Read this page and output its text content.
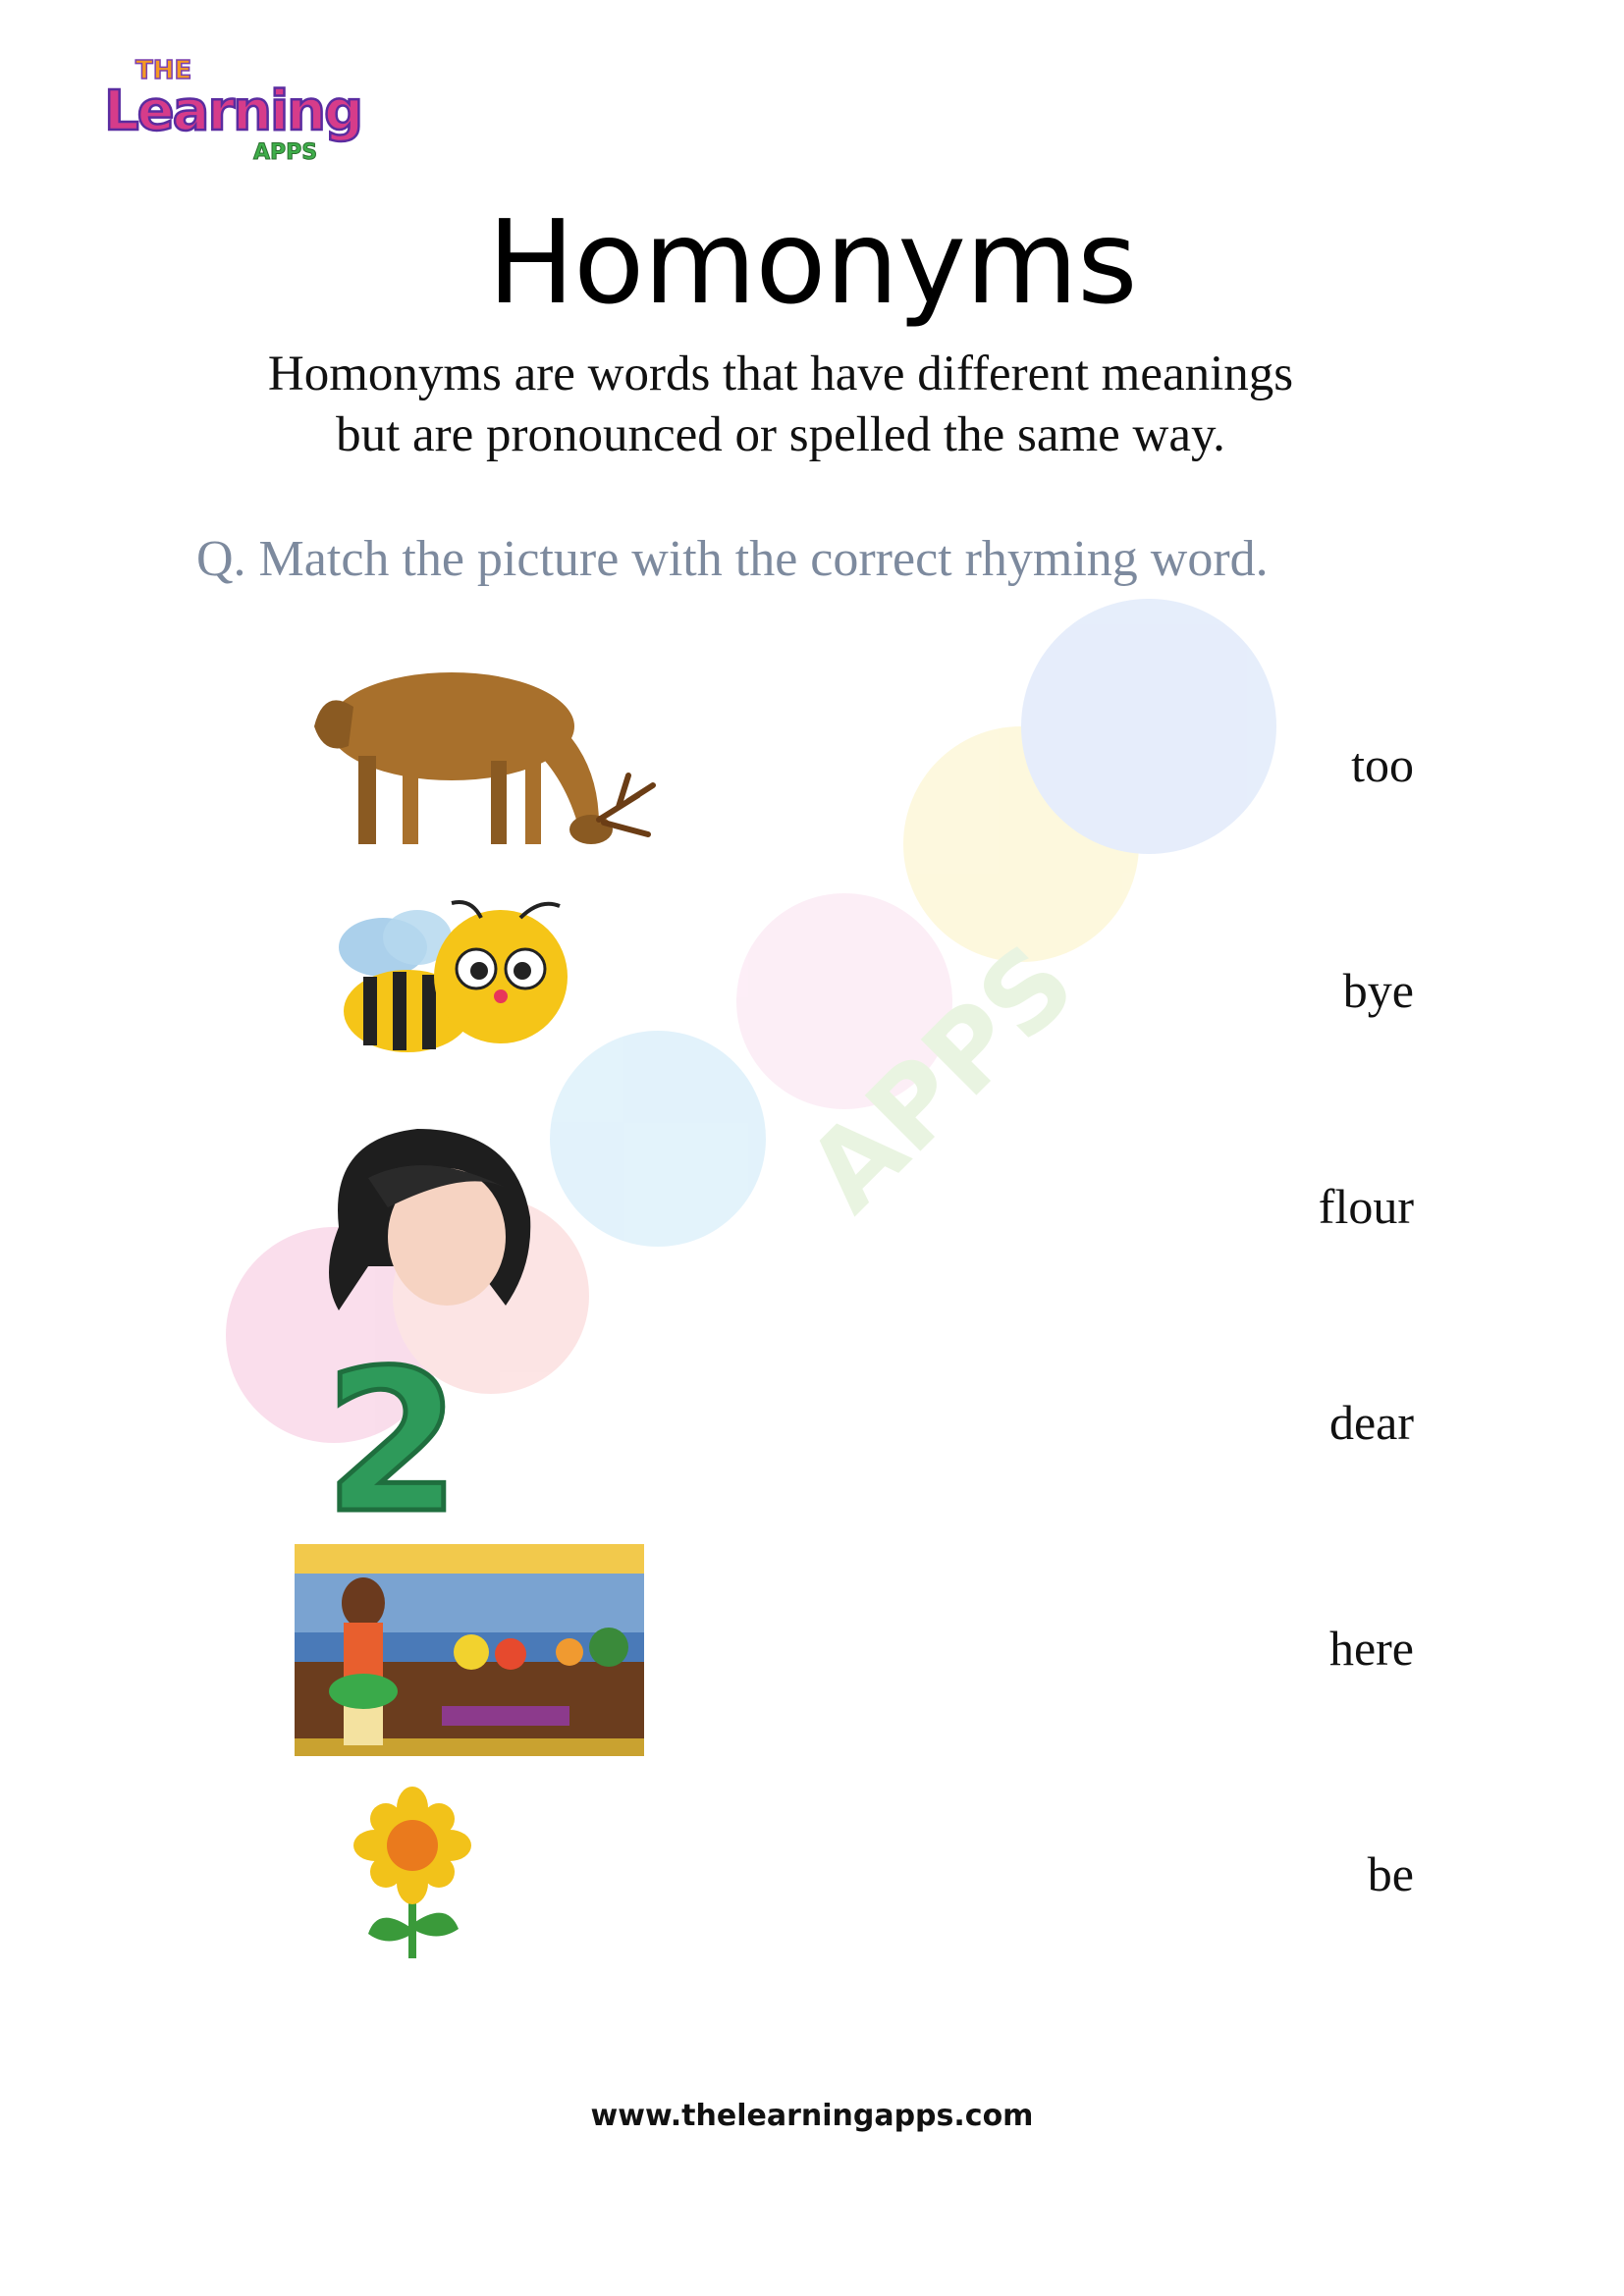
THE
Learning
APPS
APPS
Homonyms
Homonyms are words that have different meanings
but are pronounced or spelled the same way.
Q. Match the picture with the correct rhyming word.
2
too
bye
flour
dear
here
be
www.thelearningapps.com
